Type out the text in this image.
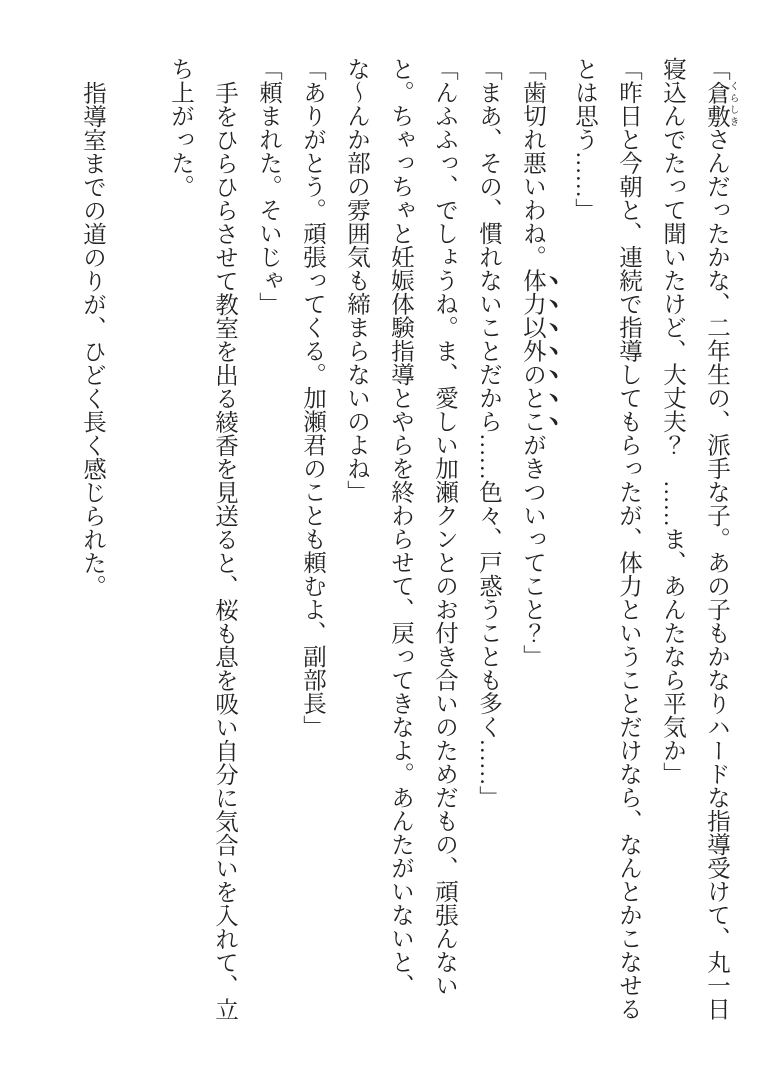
「倉敷くらしきさんだったかな、二年生の、派手な子。あの子もかなりハードな指導受けて、丸一日寝込んでたって聞いたけど、大丈夫？　……ま、あんたなら平気か」

「昨日と今朝と、連続で指導してもらったが、体力ということだけなら、なんとかこなせるとは思う……」

「歯切れ悪いわね。体力以外のとこがきついってこと？」

「まあ、その、慣れないことだから……色々、戸惑うことも多く……」

「んふふっ、でしょうね。ま、愛しい加瀬クンとのお付き合いのためだもの、頑張んないと。ちゃっちゃと妊娠体験指導とやらを終わらせて、戻ってきなよ。あんたがいないと、な〜んか部の雰囲気も締まらないのよね」

「ありがとう。頑張ってくる。加瀬君のことも頼むよ、副部長」

「頼まれた。そいじゃ」

手をひらひらさせて教室を出る綾香を見送ると、桜も息を吸い自分に気合いを入れて、立ち上がった。

指導室までの道のりが、ひどく長く感じられた。
